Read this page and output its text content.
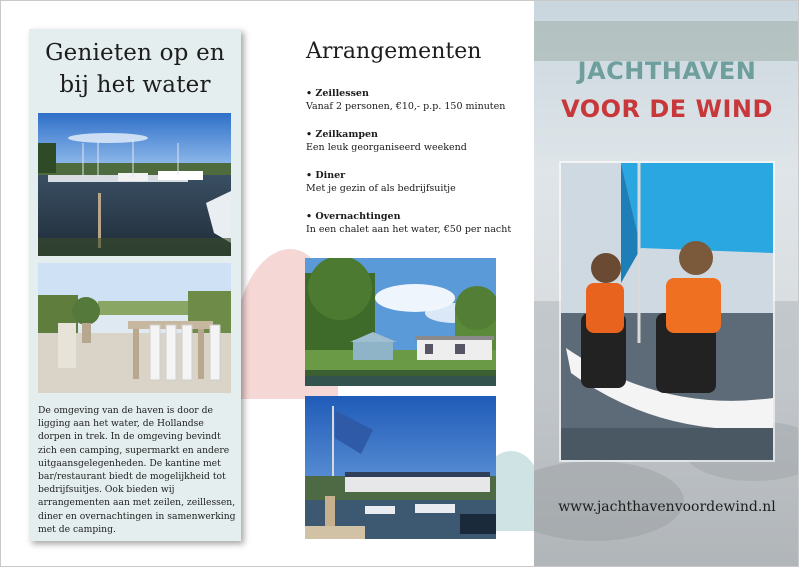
Genieten op en
bij het water
De omgeving van de haven is door de ligging aan het water, de Hollandse dorpen in trek. In de omgeving bevindt zich een camping, supermarkt en andere uitgaansgelegenheden. De kantine met bar/restaurant biedt de mogelijkheid tot bedrijfsuitjes. Ook bieden wij arrangementen aan met zeilen, zeillessen, diner en overnachtingen in samenwerking met de camping.
Arrangementen
• Zeillessen
Vanaf 2 personen, €10,- p.p. 150 minuten
• Zeilkampen
Een leuk georganiseerd weekend
• Diner
Met je gezin of als bedrijfsuitje
• Overnachtingen
In een chalet aan het water, €50 per nacht
JACHTHAVEN
VOOR DE WIND
www.jachthavenvoordewind.nl
